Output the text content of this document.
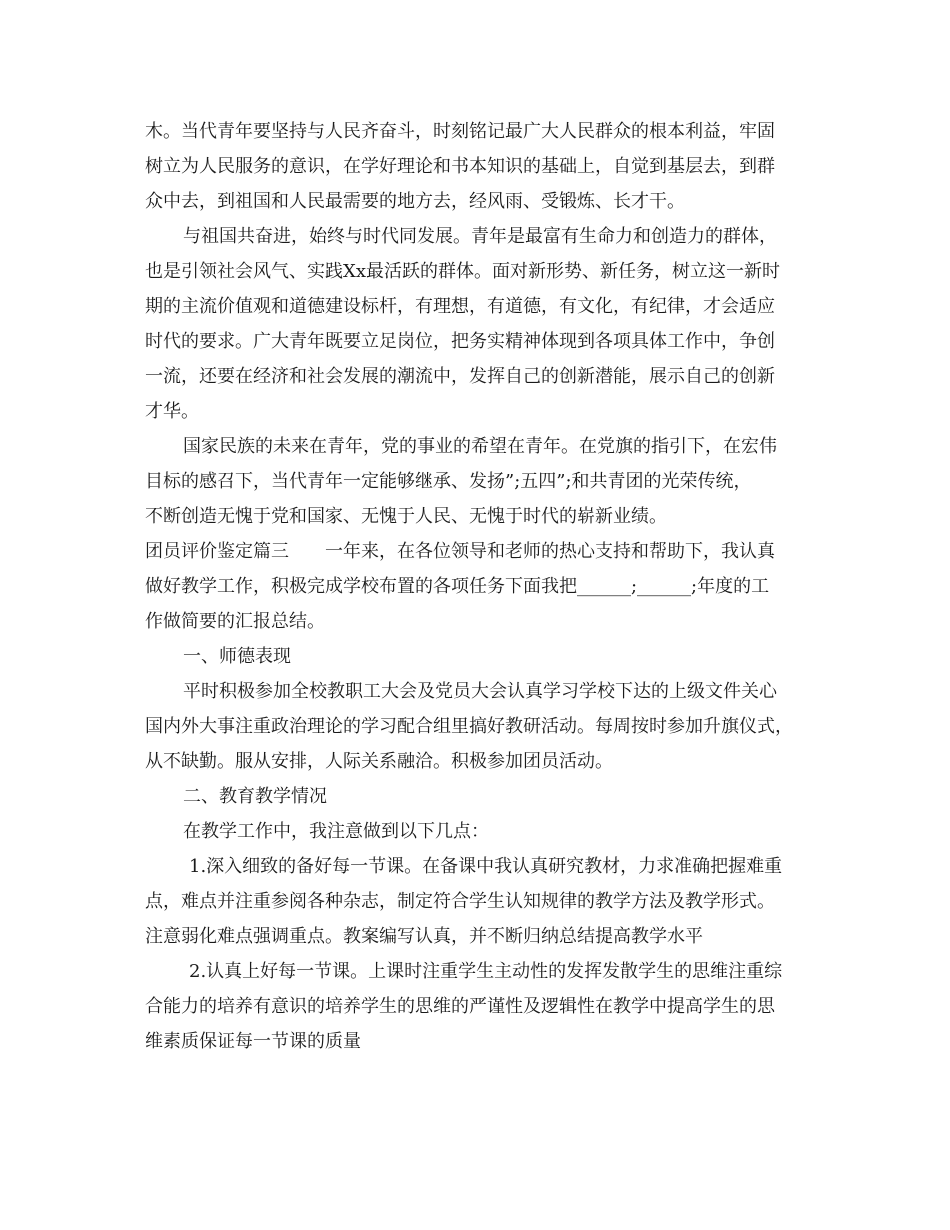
木。当代青年要坚持与人民齐奋斗，时刻铭记最广大人民群众的根本利益，牢固
树立为人民服务的意识，在学好理论和书本知识的基础上，自觉到基层去，到群
众中去，到祖国和人民最需要的地方去，经风雨、受锻炼、长才干。
与祖国共奋进，始终与时代同发展。青年是最富有生命力和创造力的群体，
也是引领社会风气、实践Xx最活跃的群体。面对新形势、新任务，树立这一新时
期的主流价值观和道德建设标杆，有理想，有道德，有文化，有纪律，才会适应
时代的要求。广大青年既要立足岗位，把务实精神体现到各项具体工作中，争创
一流，还要在经济和社会发展的潮流中，发挥自己的创新潜能，展示自己的创新
才华。
国家民族的未来在青年，党的事业的希望在青年。在党旗的指引下，在宏伟
目标的感召下，当代青年一定能够继承、发扬”;五四”;和共青团的光荣传统，
不断创造无愧于党和国家、无愧于人民、无愧于时代的崭新业绩。
团员评价鉴定篇三　　一年来，在各位领导和老师的热心支持和帮助下，我认真
做好教学工作，积极完成学校布置的各项任务下面我把______;______;年度的工
作做简要的汇报总结。
一、师德表现
平时积极参加全校教职工大会及党员大会认真学习学校下达的上级文件关心
国内外大事注重政治理论的学习配合组里搞好教研活动。每周按时参加升旗仪式，
从不缺勤。服从安排，人际关系融洽。积极参加团员活动。
二、教育教学情况
在教学工作中，我注意做到以下几点：
1.深入细致的备好每一节课。在备课中我认真研究教材，力求准确把握难重
点，难点并注重参阅各种杂志，制定符合学生认知规律的教学方法及教学形式。
注意弱化难点强调重点。教案编写认真，并不断归纳总结提高教学水平
2.认真上好每一节课。上课时注重学生主动性的发挥发散学生的思维注重综
合能力的培养有意识的培养学生的思维的严谨性及逻辑性在教学中提高学生的思
维素质保证每一节课的质量
